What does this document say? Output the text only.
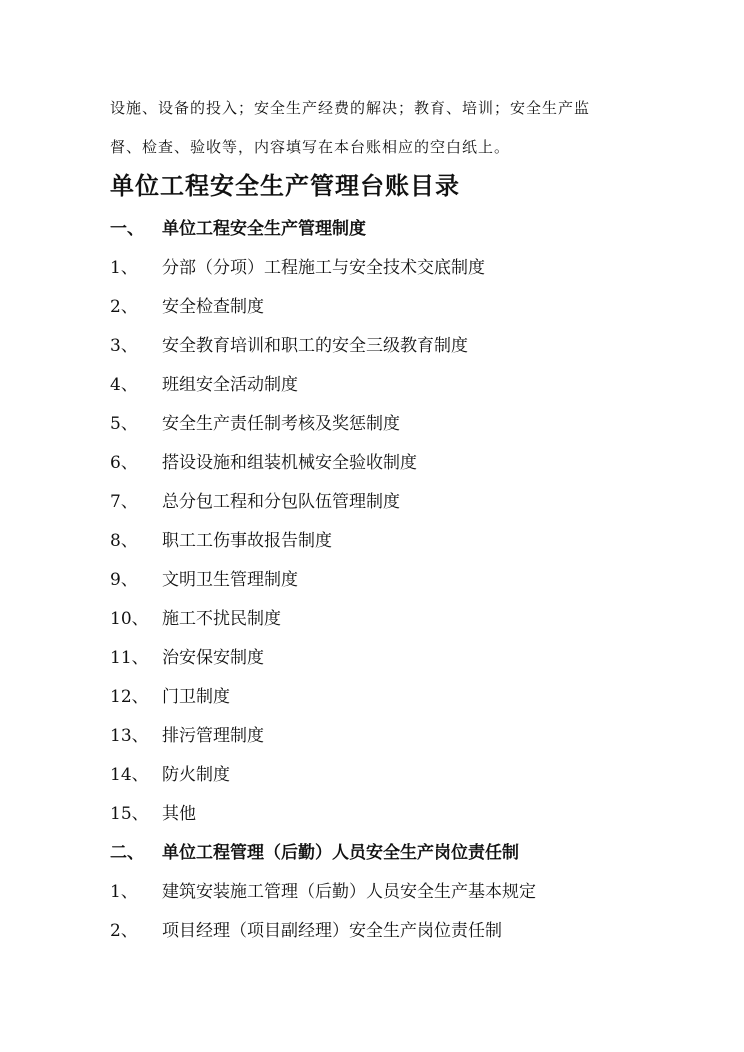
设施、设备的投入；安全生产经费的解决；教育、培训；安全生产监
督、检查、验收等，内容填写在本台账相应的空白纸上。
单位工程安全生产管理台账目录
一、 单位工程安全生产管理制度
1、 分部（分项）工程施工与安全技术交底制度
2、 安全检查制度
3、 安全教育培训和职工的安全三级教育制度
4、 班组安全活动制度
5、 安全生产责任制考核及奖惩制度
6、 搭设设施和组装机械安全验收制度
7、 总分包工程和分包队伍管理制度
8、 职工工伤事故报告制度
9、 文明卫生管理制度
10、 施工不扰民制度
11、 治安保安制度
12、 门卫制度
13、 排污管理制度
14、 防火制度
15、 其他
二、 单位工程管理（后勤）人员安全生产岗位责任制
1、 建筑安装施工管理（后勤）人员安全生产基本规定
2、 项目经理（项目副经理）安全生产岗位责任制
